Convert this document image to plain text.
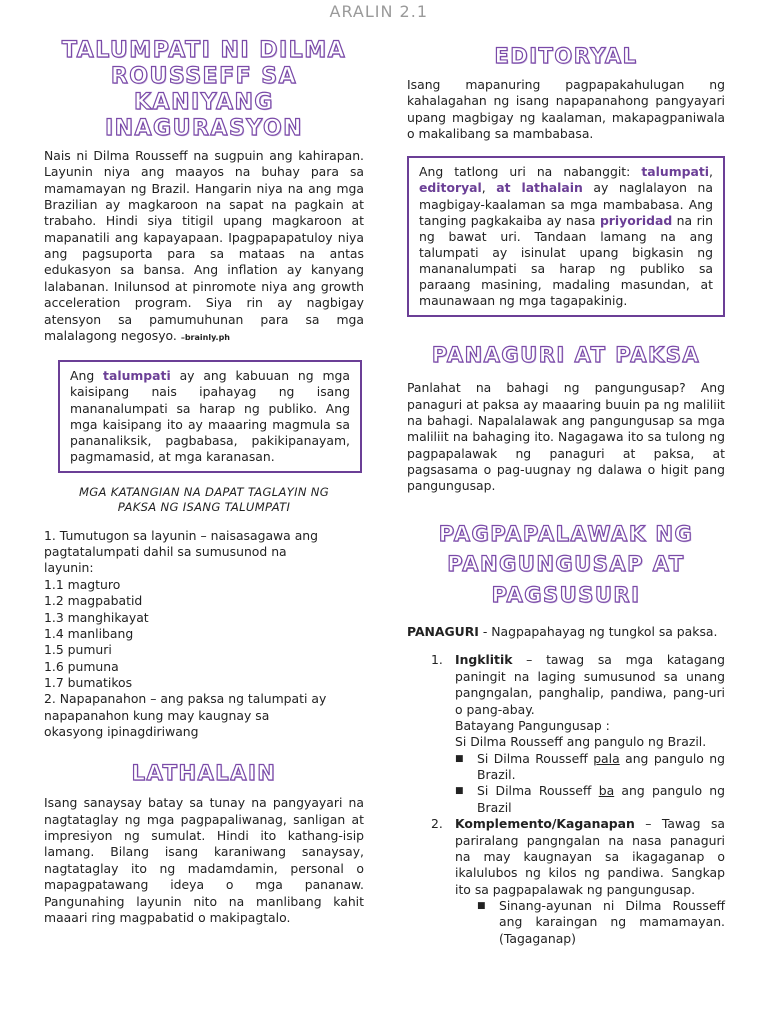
ARALIN 2.1
TALUMPATI NI DILMA
ROUSSEFF SA KANIYANG
INAGURASYON

Nais ni Dilma Rousseff na sugpuin ang kahirapan. Layunin niya ang maayos na buhay para sa mamamayan ng Brazil. Hangarin niya na ang mga Brazilian ay magkaroon na sapat na pagkain at trabaho. Hindi siya titigil upang magkaroon at mapanatili ang kapayapaan. Ipagpapapatuloy niya ang pagsuporta para sa mataas na antas edukasyon sa bansa. Ang inflation ay kanyang lalabanan. Inilunsod at pinromote niya ang growth acceleration program. Siya rin ay nagbigay atensyon sa pamumuhunan para sa mga malalagong negosyo. –brainly.ph

Ang talumpati ay ang kabuuan ng mga kaisipang nais ipahayag ng isang mananalumpati sa harap ng publiko. Ang mga kaisipang ito ay maaaring magmula sa pananaliksik, pagbabasa, pakikipanayam, pagmamasid, at mga karanasan.
MGA KATANGIAN NA DAPAT TAGLAYIN NG
PAKSA NG ISANG TALUMPATI
1. Tumutugon sa layunin – naisasagawa ang
pagtatalumpati dahil sa sumusunod na
layunin:
1.1 magturo
1.2 magpabatid
1.3 manghikayat
1.4 manlibang
1.5 pumuri
1.6 pumuna
1.7 bumatikos
2. Napapanahon – ang paksa ng talumpati ay
napapanahon kung may kaugnay sa
okasyong ipinagdiriwang
LATHALAIN

Isang sanaysay batay sa tunay na pangyayari na nagtataglay ng mga pagpapaliwanag, sanligan at impresiyon ng sumulat. Hindi ito kathang-isip lamang. Bilang isang karaniwang sanaysay, nagtataglay ito ng madamdamin, personal o mapagpatawang ideya o mga pananaw. Pangunahing layunin nito na manlibang kahit maaari ring magpabatid o makipagtalo.

EDITORYAL

Isang mapanuring pagpapakahulugan ng kahalagahan ng isang napapanahong pangyayari upang magbigay ng kaalaman, makapagpaniwala o makalibang sa mambabasa.

Ang tatlong uri na nabanggit: talumpati, editoryal, at lathalain ay naglalayon na magbigay-kaalaman sa mga mambabasa. Ang tanging pagkakaiba ay nasa priyoridad na rin ng bawat uri. Tandaan lamang na ang talumpati ay isinulat upang bigkasin ng mananalumpati sa harap ng publiko sa paraang masining, madaling masundan, at maunawaan ng mga tagapakinig.
PANAGURI AT PAKSA

Panlahat na bahagi ng pangungusap? Ang panaguri at paksa ay maaaring buuin pa ng maliliit na bahagi. Napalalawak ang pangungusap sa mga maliliit na bahaging ito. Nagagawa ito sa tulong ng pagpapalawak ng panaguri at paksa, at pagsasama o pag-uugnay ng dalawa o higit pang pangungusap.

PAGPAPALAWAK NG
PANGUNGUSAP AT
PAGSUSURI

PANAGURI - Nagpapahayag ng tungkol sa paksa.

1. Ingklitik – tawag sa mga katagang paningit na laging sumusunod sa unang pangngalan, panghalip, pandiwa, pang-uri o pang-abay.
Batayang Pangungusap :
Si Dilma Rousseff ang pangulo ng Brazil.
■	Si Dilma Rousseff pala ang pangulo ng Brazil.
■	Si Dilma Rousseff ba ang pangulo ng Brazil
2. Komplemento/Kaganapan – Tawag sa pariralang pangngalan na nasa panaguri na may kaugnayan sa ikagaganap o ikalulubos ng kilos ng pandiwa. Sangkap ito sa pagpapalawak ng pangungusap.
■	Sinang-ayunan ni Dilma Rousseff ang karaingan ng mamamayan. (Tagaganap)
